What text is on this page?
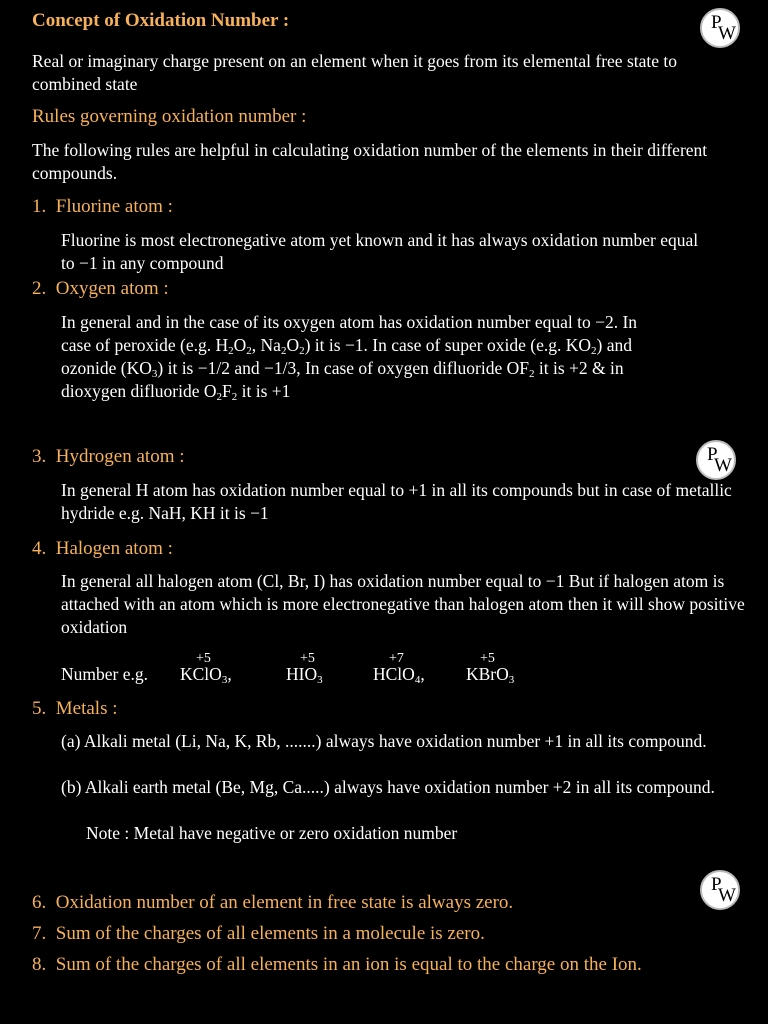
Concept of Oxidation Number :	P
W
P
W
P
W
Real or imaginary charge present on an element when it goes from its elemental free state to combined state
Rules governing oxidation number :
The following rules are helpful in calculating oxidation number of the elements in their different compounds.
1. Fluorine atom :
Fluorine is most electronegative atom yet known and it has always oxidation number equal to −1 in any compound
2. Oxygen atom :
In general and in the case of its oxygen atom has oxidation number equal to −2. In
case of peroxide (e.g. $H_2O_2$, $Na_2O_2$) it is −1. In case of super oxide (e.g. $KO_2$) and
ozonide $(KO_3)$ it is −1/2 and −1/3, In case of oxygen difluoride $OF_2$ it is +2 & in
dioxygen difluoride $O_2F_2$ it is +1
3. Hydrogen atom :
In general H atom has oxidation number equal to +1 in all its compounds but in case of metallic hydride e.g. NaH, KH it is −1
4. Halogen atom :
In general all halogen atom (Cl, Br, I) has oxidation number equal to −1 But if halogen atom is attached with an atom which is more electronegative than halogen atom then it will show positive oxidation
Number e.g.
+5
KClO$_3$,
+5
$HIO_3$
+7
HClO$_4$,
+5
KBrO$_3$
5. Metals :
(a) Alkali metal (Li, Na, K, Rb, .......) always have oxidation number +1 in all its compound.
(b) Alkali earth metal (Be, Mg, Ca.....) always have oxidation number +2 in all its compound.
Note : Metal have negative or zero oxidation number
6. Oxidation number of an element in free state is always zero.
7. Sum of the charges of all elements in a molecule is zero.
8. Sum of the charges of all elements in an ion is equal to the charge on the Ion.
